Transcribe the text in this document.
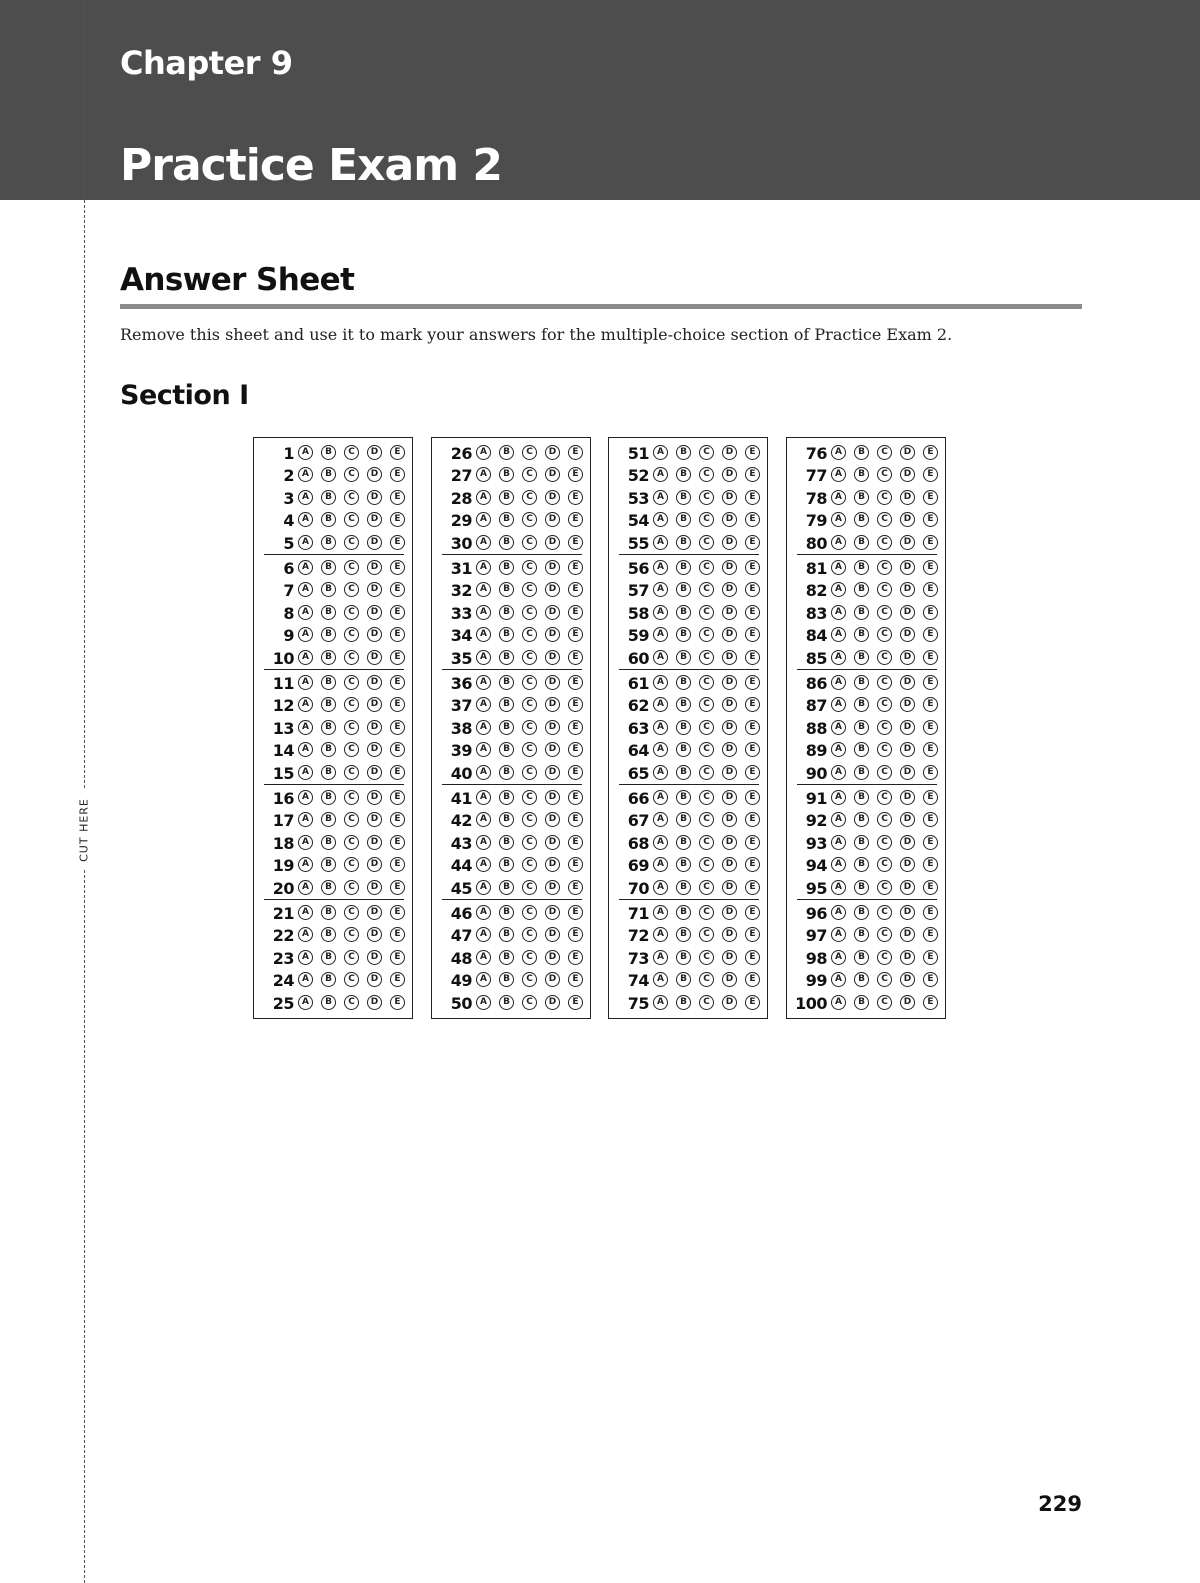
Chapter 9
Practice Exam 2
CUT HERE
Answer Sheet
Remove this sheet and use it to mark your answers for the multiple-choice section of Practice Exam 2.
Section I
1 A	B	C	D	E
2 A	B	C	D	E
3 A	B	C	D	E
4 A	B	C	D	E
5 A	B	C	D	E
6 A	B	C	D	E
7 A	B	C	D	E
8 A	B	C	D	E
9 A	B	C	D	E
10 A	B	C	D	E
11 A	B	C	D	E
12 A	B	C	D	E
13 A	B	C	D	E
14 A	B	C	D	E
15 A	B	C	D	E
16 A	B	C	D	E
17 A	B	C	D	E
18 A	B	C	D	E
19 A	B	C	D	E
20 A	B	C	D	E
21 A	B	C	D	E
22 A	B	C	D	E
23 A	B	C	D	E
24 A	B	C	D	E
25 A	B	C	D	E
26 A	B	C	D	E
27 A	B	C	D	E
28 A	B	C	D	E
29 A	B	C	D	E
30 A	B	C	D	E
31 A	B	C	D	E
32 A	B	C	D	E
33 A	B	C	D	E
34 A	B	C	D	E
35 A	B	C	D	E
36 A	B	C	D	E
37 A	B	C	D	E
38 A	B	C	D	E
39 A	B	C	D	E
40 A	B	C	D	E
41 A	B	C	D	E
42 A	B	C	D	E
43 A	B	C	D	E
44 A	B	C	D	E
45 A	B	C	D	E
46 A	B	C	D	E
47 A	B	C	D	E
48 A	B	C	D	E
49 A	B	C	D	E
50 A	B	C	D	E
51 A	B	C	D	E
52 A	B	C	D	E
53 A	B	C	D	E
54 A	B	C	D	E
55 A	B	C	D	E
56 A	B	C	D	E
57 A	B	C	D	E
58 A	B	C	D	E
59 A	B	C	D	E
60 A	B	C	D	E
61 A	B	C	D	E
62 A	B	C	D	E
63 A	B	C	D	E
64 A	B	C	D	E
65 A	B	C	D	E
66 A	B	C	D	E
67 A	B	C	D	E
68 A	B	C	D	E
69 A	B	C	D	E
70 A	B	C	D	E
71 A	B	C	D	E
72 A	B	C	D	E
73 A	B	C	D	E
74 A	B	C	D	E
75 A	B	C	D	E
76 A	B	C	D	E
77 A	B	C	D	E
78 A	B	C	D	E
79 A	B	C	D	E
80 A	B	C	D	E
81 A	B	C	D	E
82 A	B	C	D	E
83 A	B	C	D	E
84 A	B	C	D	E
85 A	B	C	D	E
86 A	B	C	D	E
87 A	B	C	D	E
88 A	B	C	D	E
89 A	B	C	D	E
90 A	B	C	D	E
91 A	B	C	D	E
92 A	B	C	D	E
93 A	B	C	D	E
94 A	B	C	D	E
95 A	B	C	D	E
96 A	B	C	D	E
97 A	B	C	D	E
98 A	B	C	D	E
99 A	B	C	D	E
100 A	B	C	D	E
229
